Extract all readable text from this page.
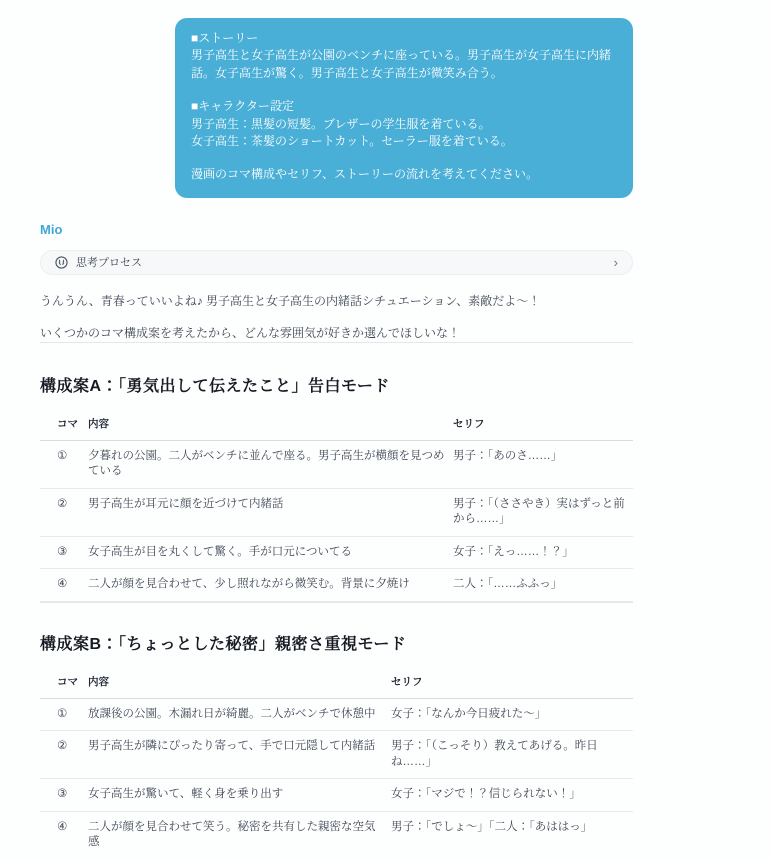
■ストーリー
男子高生と女子高生が公園のベンチに座っている。男子高生が女子高生に内緒話。女子高生が驚く。男子高生と女子高生が微笑み合う。
■キャラクター設定
男子高生：黒髪の短髪。ブレザーの学生服を着ている。
女子高生：茶髪のショートカット。セーラー服を着ている。
漫画のコマ構成やセリフ、ストーリーの流れを考えてください。
Mio
思考プロセス	›
うんうん、青春っていいよね♪ 男子高生と女子高生の内緒話シチュエーション、素敵だよ～！
いくつかのコマ構成案を考えたから、どんな雰囲気が好きか選んでほしいな！
構成案A：「勇気出して伝えたこと」告白モード
コマ	内容	セリフ
①	夕暮れの公園。二人がベンチに並んで座る。男子高生が横顔を見つめている	男子：「あのさ……」
②	男子高生が耳元に顔を近づけて内緒話	男子：「（ささやき）実はずっと前から……」
③	女子高生が目を丸くして驚く。手が口元についてる	女子：「えっ……！？」
④	二人が顔を見合わせて、少し照れながら微笑む。背景に夕焼け	二人：「……ふふっ」
構成案B：「ちょっとした秘密」親密さ重視モード
コマ	内容	セリフ
①	放課後の公園。木漏れ日が綺麗。二人がベンチで休憩中	女子：「なんか今日疲れた～」
②	男子高生が隣にぴったり寄って、手で口元隠して内緒話	男子：「（こっそり）教えてあげる。昨日ね……」
③	女子高生が驚いて、軽く身を乗り出す	女子：「マジで！？信じられない！」
④	二人が顔を見合わせて笑う。秘密を共有した親密な空気感	男子：「でしょ～」「二人：「あははっ」
